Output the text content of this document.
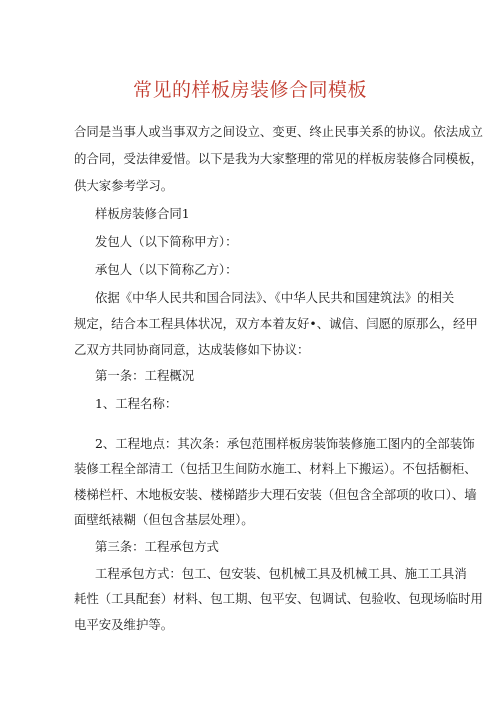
常见的样板房装修合同模板
合同是当事人或当事双方之间设立、变更、终止民事关系的协议。依法成立
的合同，受法律爱惜。以下是我为大家整理的常见的样板房装修合同模板，
供大家参考学习。
样板房装修合同1
发包人（以下简称甲方）：
承包人（以下简称乙方）：
依据《中华人民共和国合同法》、《中华人民共和国建筑法》的相关
规定，结合本工程具体状况，双方本着友好•、诚信、闫愿的原那么，经甲
乙双方共同协商同意，达成装修如下协议：
第一条：工程概况
1、工程名称：
2、工程地点：其次条：承包范围样板房装饰装修施工图内的全部装饰
装修工程全部清工（包括卫生间防水施工、材料上下搬运）。不包括橱柜、
楼梯栏杆、木地板安装、楼梯踏步大理石安装（但包含全部项的收口）、墙
面壁纸裱糊（但包含基层处理）。
第三条：工程承包方式
工程承包方式：包工、包安装、包机械工具及机械工具、施工工具消
耗性（工具配套）材料、包工期、包平安、包调试、包验收、包现场临时用
电平安及维护等。
